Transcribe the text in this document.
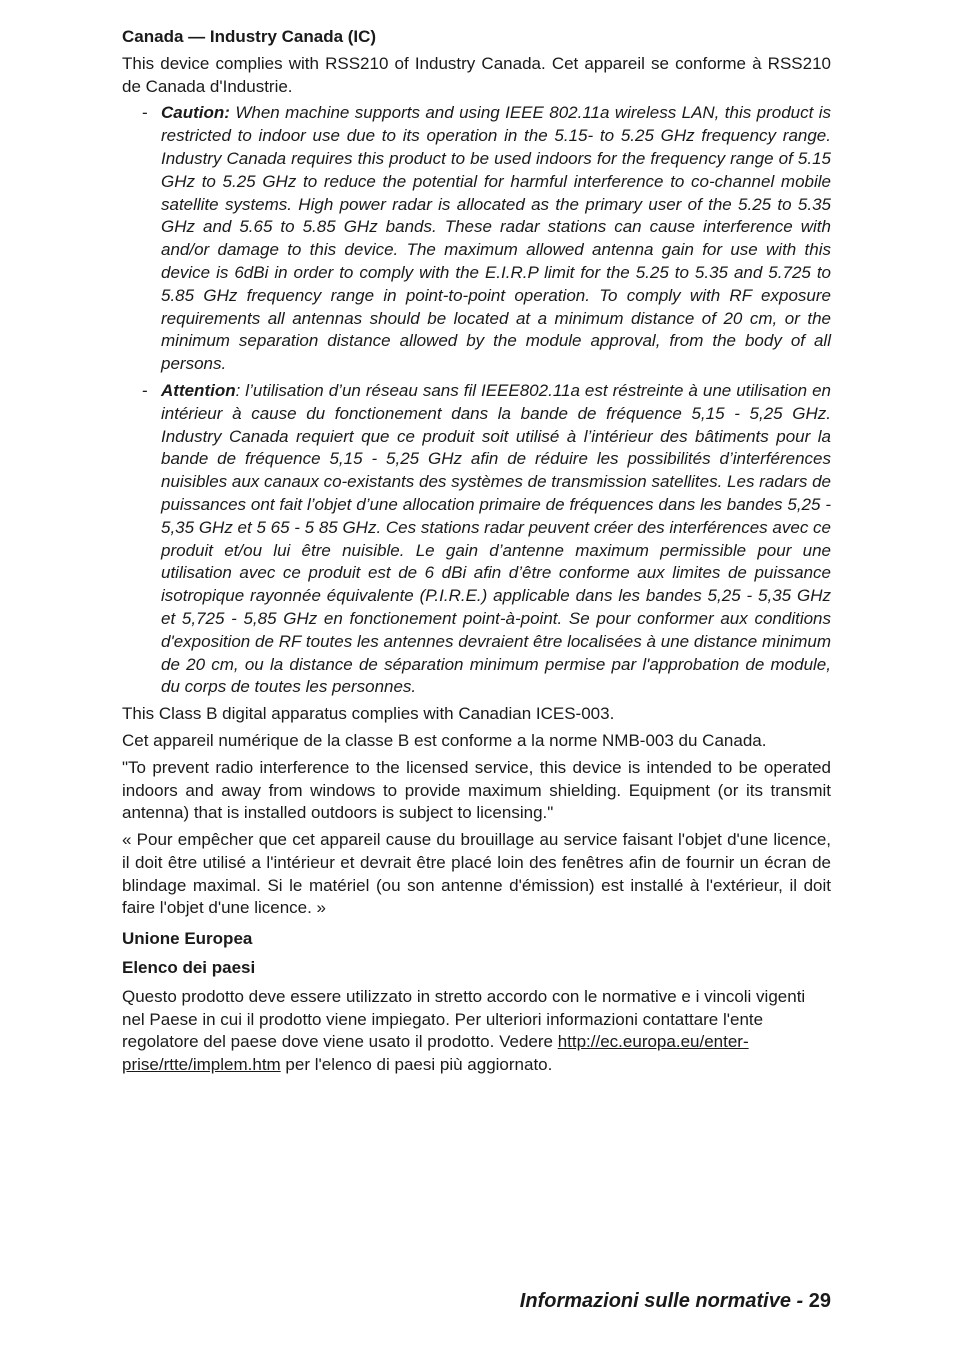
Canada — Industry Canada (IC)

This device complies with RSS210 of Industry Canada. Cet appareil se conforme à RSS210 de Canada d'Industrie.

- Caution: When machine supports and using IEEE 802.11a wireless LAN, this product is restricted to indoor use due to its operation in the 5.15- to 5.25 GHz frequency range. Industry Canada requires this product to be used indoors for the frequency range of 5.15 GHz to 5.25 GHz to reduce the potential for harmful interference to co-channel mobile satellite systems. High power radar is allocated as the primary user of the 5.25 to 5.35 GHz and 5.65 to 5.85 GHz bands. These radar stations can cause interference with and/or damage to this device. The maximum allowed antenna gain for use with this device is 6dBi in order to comply with the E.I.R.P limit for the 5.25 to 5.35 and 5.725 to 5.85 GHz frequency range in point-to-point operation. To comply with RF exposure requirements all antennas should be located at a minimum distance of 20 cm, or the minimum separation distance allowed by the module approval, from the body of all persons.
- Attention: l’utilisation d’un réseau sans fil IEEE802.11a est réstreinte à une utilisation en intérieur à cause du fonctionement dans la bande de fréquence 5,15 - 5,25 GHz. Industry Canada requiert que ce produit soit utilisé à l’intérieur des bâtiments pour la bande de fréquence 5,15 - 5,25 GHz afin de réduire les possibilités d’interférences nuisibles aux canaux co-existants des systèmes de transmission satellites. Les radars de puissances ont fait l’objet d’une allocation primaire de fréquences dans les bandes 5,25 - 5,35 GHz et 5 65 - 5 85 GHz. Ces stations radar peuvent créer des interférences avec ce produit et/ou lui être nuisible. Le gain d’antenne maximum permissible pour une utilisation avec ce produit est de 6 dBi afin d’être conforme aux limites de puissance isotropique rayonnée équivalente (P.I.R.E.) applicable dans les bandes 5,25 - 5,35 GHz et 5,725 - 5,85 GHz en fonctionement point-à-point. Se pour conformer aux conditions d'exposition de RF toutes les antennes devraient être localisées à une distance minimum de 20 cm, ou la distance de séparation minimum permise par l'approbation de module, du corps de toutes les personnes.

This Class B digital apparatus complies with Canadian ICES-003.

Cet appareil numérique de la classe B est conforme a la norme NMB-003 du Canada.

"To prevent radio interference to the licensed service, this device is intended to be operated indoors and away from windows to provide maximum shielding. Equipment (or its transmit antenna) that is installed outdoors is subject to licensing."

« Pour empêcher que cet appareil cause du brouillage au service faisant l'objet d'une licence, il doit être utilisé a l'intérieur et devrait être placé loin des fenêtres afin de fournir un écran de blindage maximal. Si le matériel (ou son antenne d'émission) est installé à l'extérieur, il doit faire l'objet d'une licence. »

Unione Europea
Elenco dei paesi

Questo prodotto deve essere utilizzato in stretto accordo con le normative e i vincoli vigenti nel Paese in cui il prodotto viene impiegato. Per ulteriori informazioni contattare l'ente regolatore del paese dove viene usato il prodotto. Vedere http://ec.europa.eu/enterprise/rtte/implem.htm per l'elenco di paesi più aggiornato.

Informazioni sulle normative - 29
